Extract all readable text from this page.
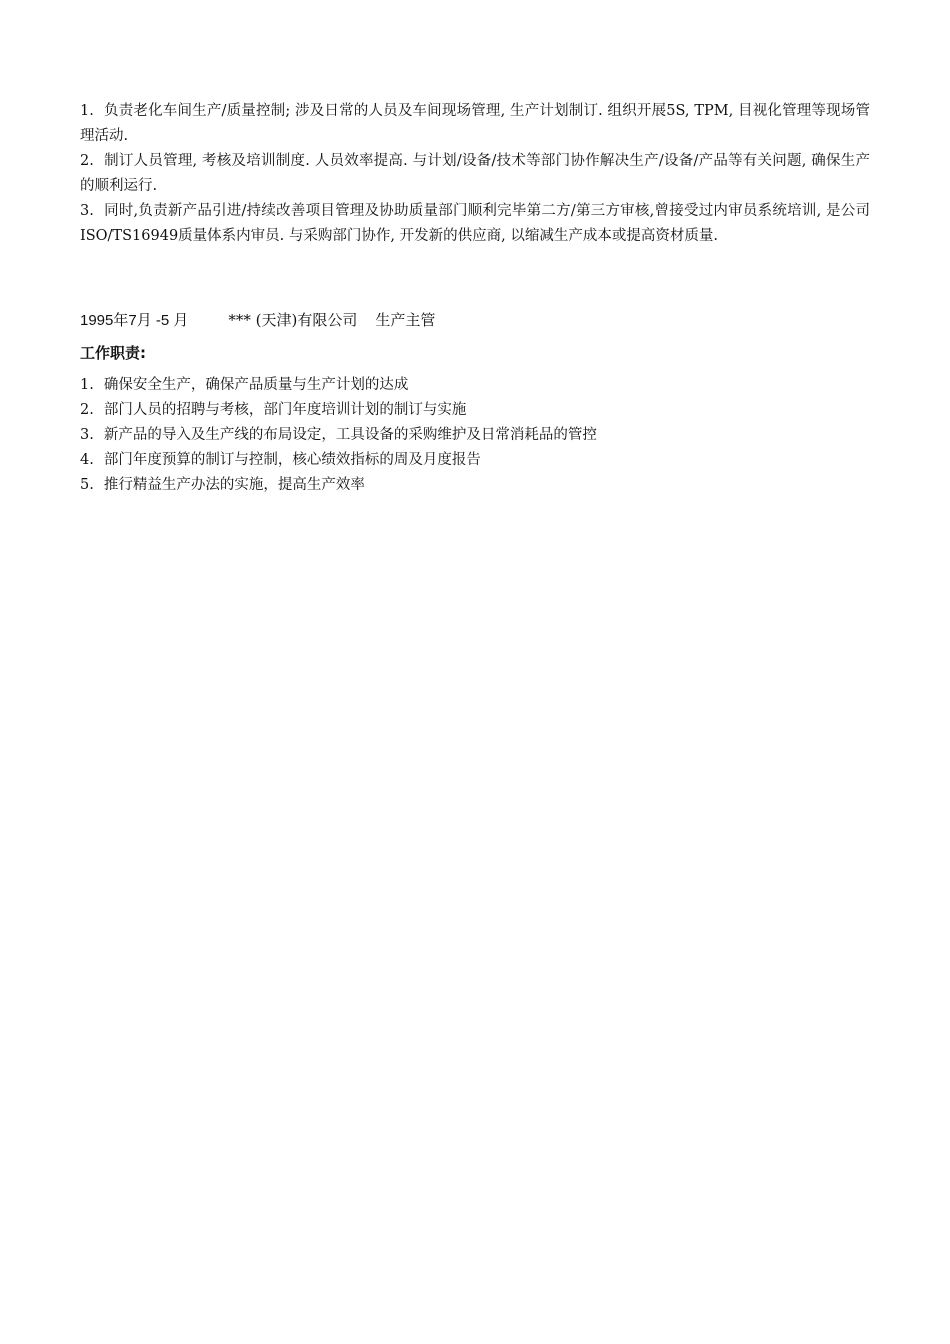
1. 负责老化车间生产/质量控制; 涉及日常的人员及车间现场管理, 生产计划制订. 组织开展5S, TPM, 目视化管理等现场管理活动.

2. 制订人员管理, 考核及培训制度. 人员效率提高. 与计划/设备/技术等部门协作解决生产/设备/产品等有关问题, 确保生产的顺利运行.

3. 同时,负责新产品引进/持续改善项目管理及协助质量部门顺利完毕第二方/第三方审核,曾接受过内审员系统培训, 是公司ISO/TS16949质量体系内审员. 与采购部门协作, 开发新的供应商, 以缩减生产成本或提高资材质量.

1995年7月 -5 月	*** (天津)有限公司 生产主管
工作职责:
1. 确保安全生产，确保产品质量与生产计划的达成
2. 部门人员的招聘与考核，部门年度培训计划的制订与实施
3. 新产品的导入及生产线的布局设定，工具设备的采购维护及日常消耗品的管控
4. 部门年度预算的制订与控制，核心绩效指标的周及月度报告
5. 推行精益生产办法的实施，提高生产效率
